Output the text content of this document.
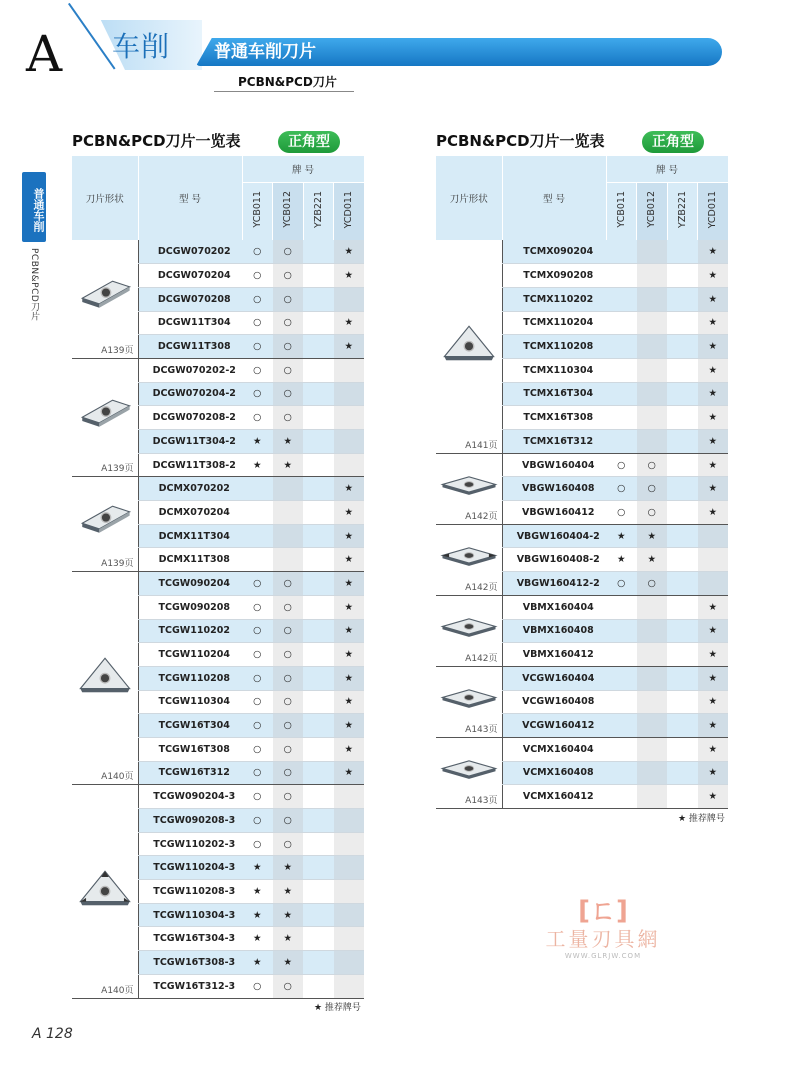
A 车削	普通车削刀片
PCBN&PCD刀片
普通车削
PCBN&PCD刀片
PCBN&PCD刀片一览表	正角型	PCBN&PCD刀片一览表	正角型
刀片形状	型 号	牌 号			
		YCB011	YCB012	YZB221	YCD011

A139页	DCGW070202	○	○		★
	DCGW070204	○	○		★
	DCGW070208	○	○		
	DCGW11T304	○	○		★
	DCGW11T308	○	○		★

A139页	DCGW070202-2	○	○		
	DCGW070204-2	○	○		
	DCGW070208-2	○	○		
	DCGW11T304-2	★	★		
	DCGW11T308-2	★	★		

A139页	DCMX070202				★
	DCMX070204				★
	DCMX11T304				★
	DCMX11T308				★

A140页	TCGW090204	○	○		★
	TCGW090208	○	○		★
	TCGW110202	○	○		★
	TCGW110204	○	○		★
	TCGW110208	○	○		★
	TCGW110304	○	○		★
	TCGW16T304	○	○		★
	TCGW16T308	○	○		★
	TCGW16T312	○	○		★

A140页	TCGW090204-3	○	○		
	TCGW090208-3	○	○		
	TCGW110202-3	○	○		
	TCGW110204-3	★	★		
	TCGW110208-3	★	★		
	TCGW110304-3	★	★		
	TCGW16T304-3	★	★		
	TCGW16T308-3	★	★		
	TCGW16T312-3	○	○		
★ 推荐牌号
刀片形状	型 号	牌 号			
		YCB011	YCB012	YZB221	YCD011

A141页	TCMX090204				★
	TCMX090208				★
	TCMX110202				★
	TCMX110204				★
	TCMX110208				★
	TCMX110304				★
	TCMX16T304				★
	TCMX16T308				★
	TCMX16T312				★

A142页	VBGW160404	○	○		★
	VBGW160408	○	○		★
	VBGW160412	○	○		★

A142页	VBGW160404-2	★	★		
	VBGW160408-2	★	★		
	VBGW160412-2	○	○		

A142页	VBMX160404				★
	VBMX160408				★
	VBMX160412				★

A143页	VCGW160404				★
	VCGW160408				★
	VCGW160412				★

A143页	VCMX160404				★
	VCMX160408				★
	VCMX160412				★
★ 推荐牌号
[ㄈ]
工量刃具網
WWW.GLRJW.COM
A 128
